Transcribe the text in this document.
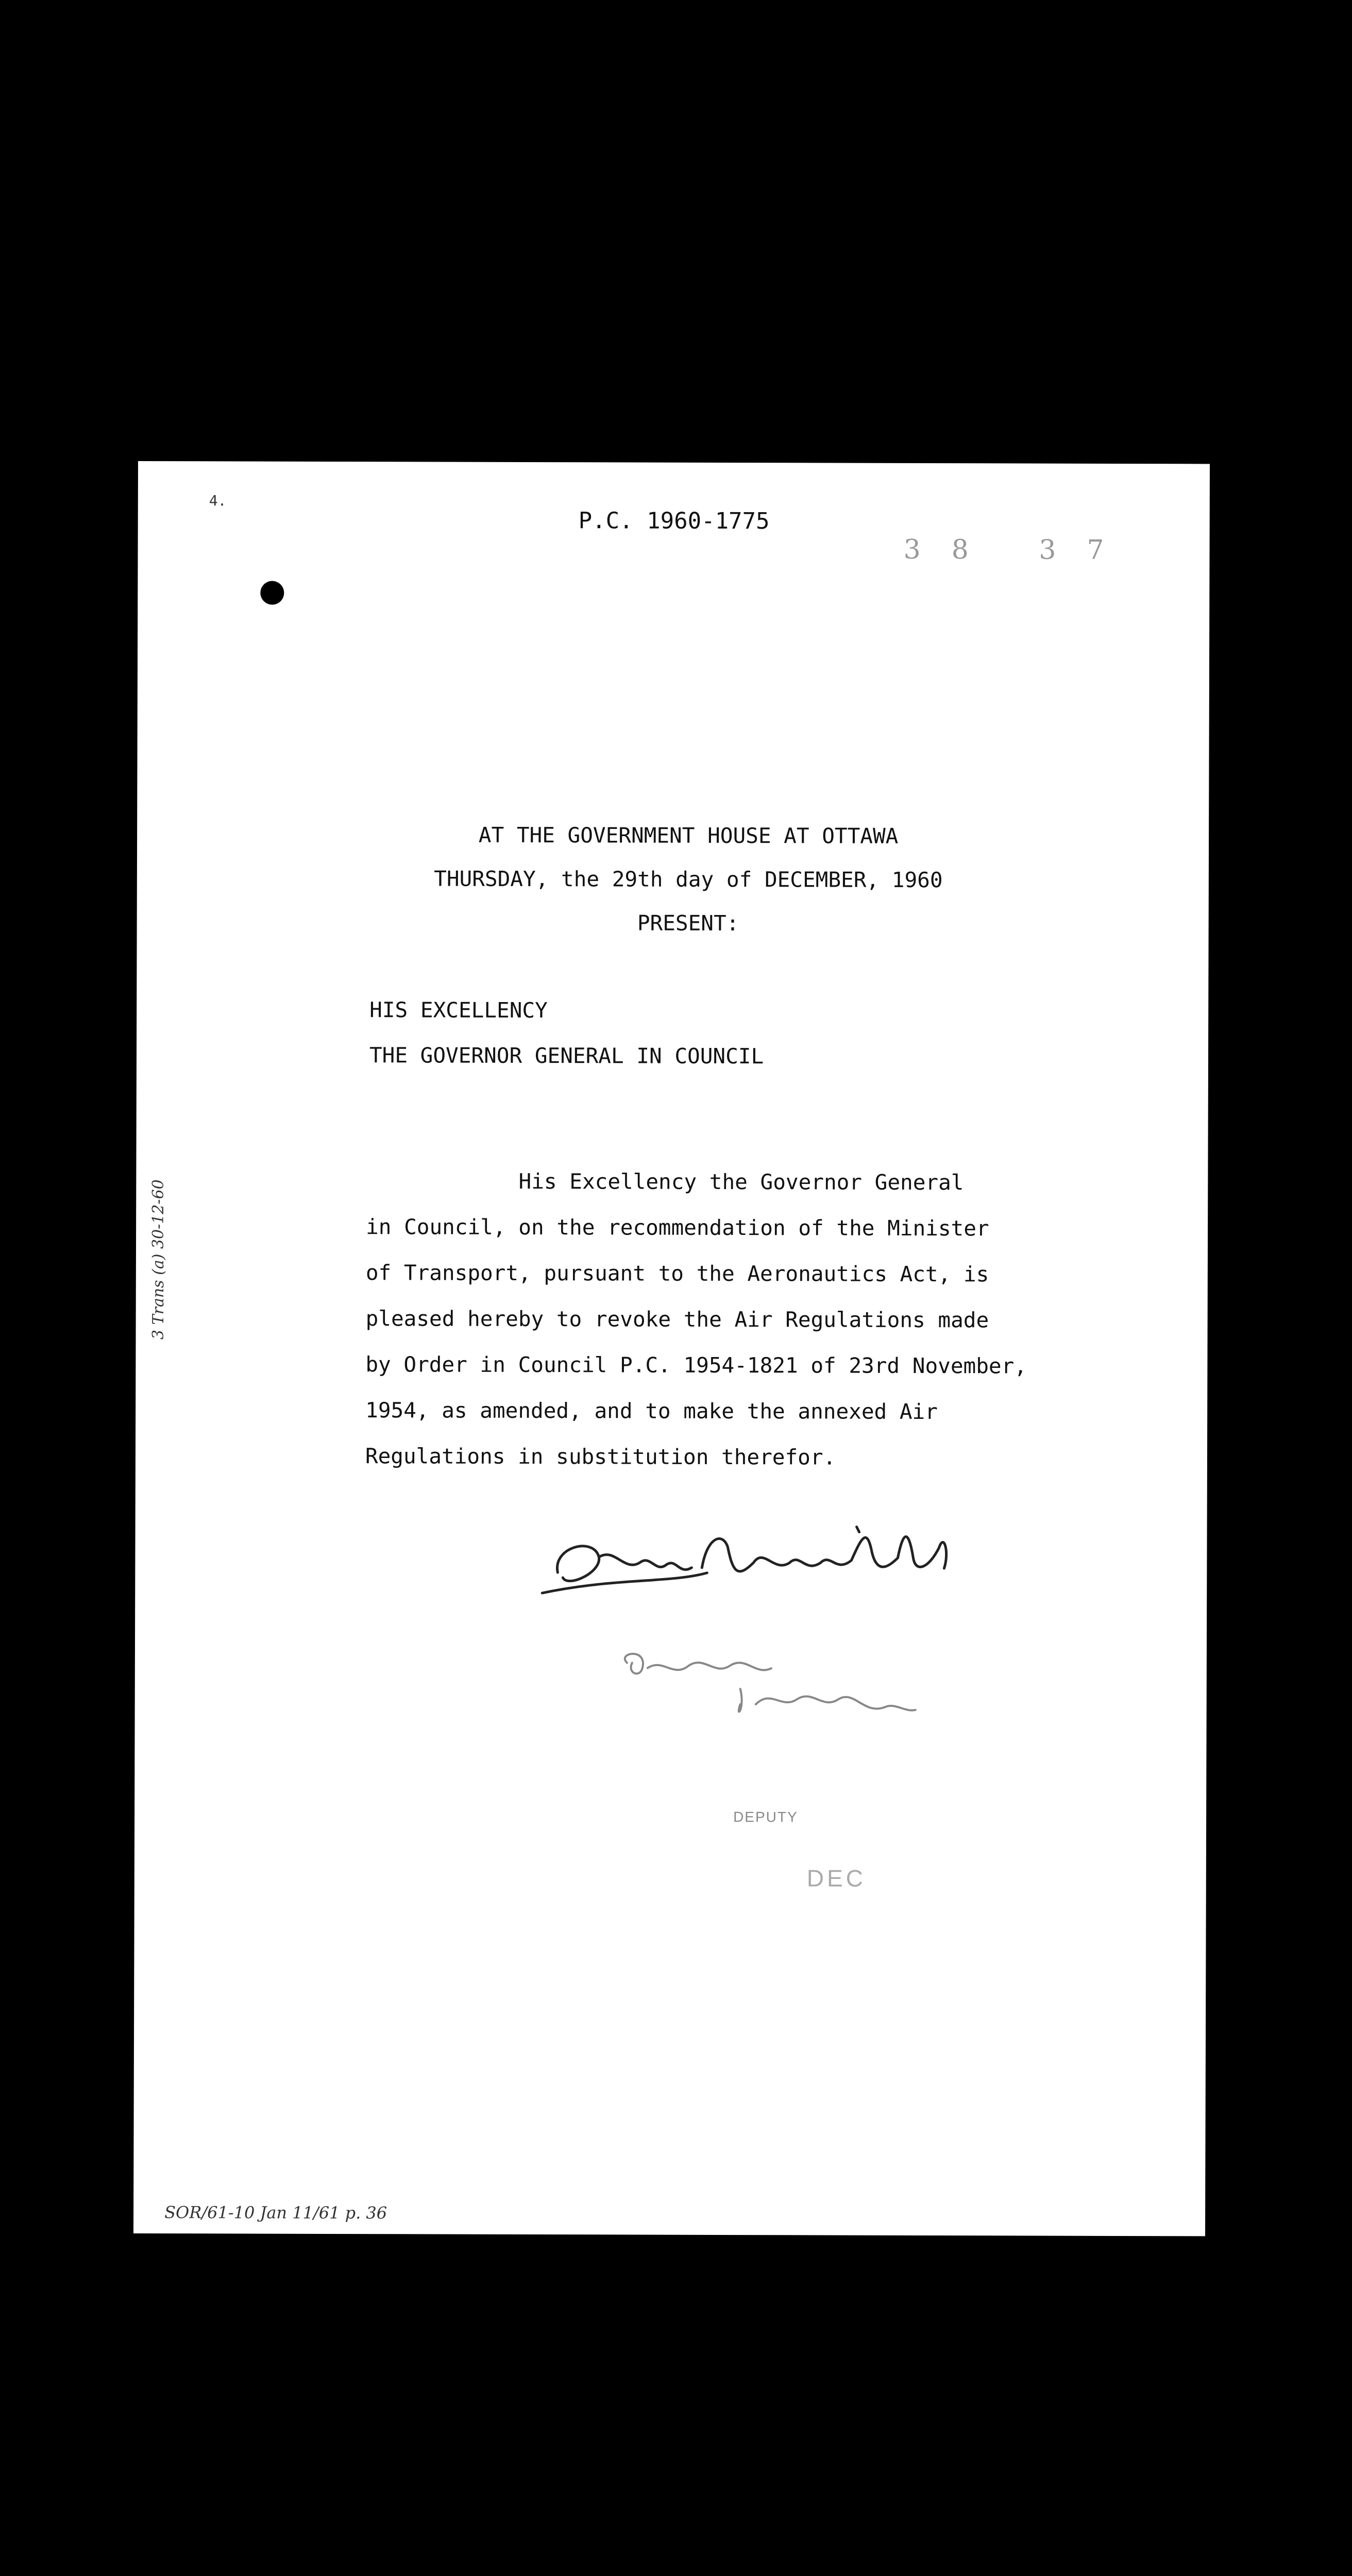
4.
P.C. 1960-1775
38 37
AT THE GOVERNMENT HOUSE AT OTTAWA
THURSDAY, the 29th day of DECEMBER, 1960
PRESENT:
HIS EXCELLENCY
THE GOVERNOR GENERAL IN COUNCIL
His Excellency the Governor General
in Council, on the recommendation of the Minister
of Transport, pursuant to the Aeronautics Act, is
pleased hereby to revoke the Air Regulations made
by Order in Council P.C. 1954-1821 of 23rd November,
1954, as amended, and to make the annexed Air
Regulations in substitution therefor.
DEPUTY
DEC
SOR/61-10 Jan 11/61 p. 36
3 Trans (a) 30-12-60
